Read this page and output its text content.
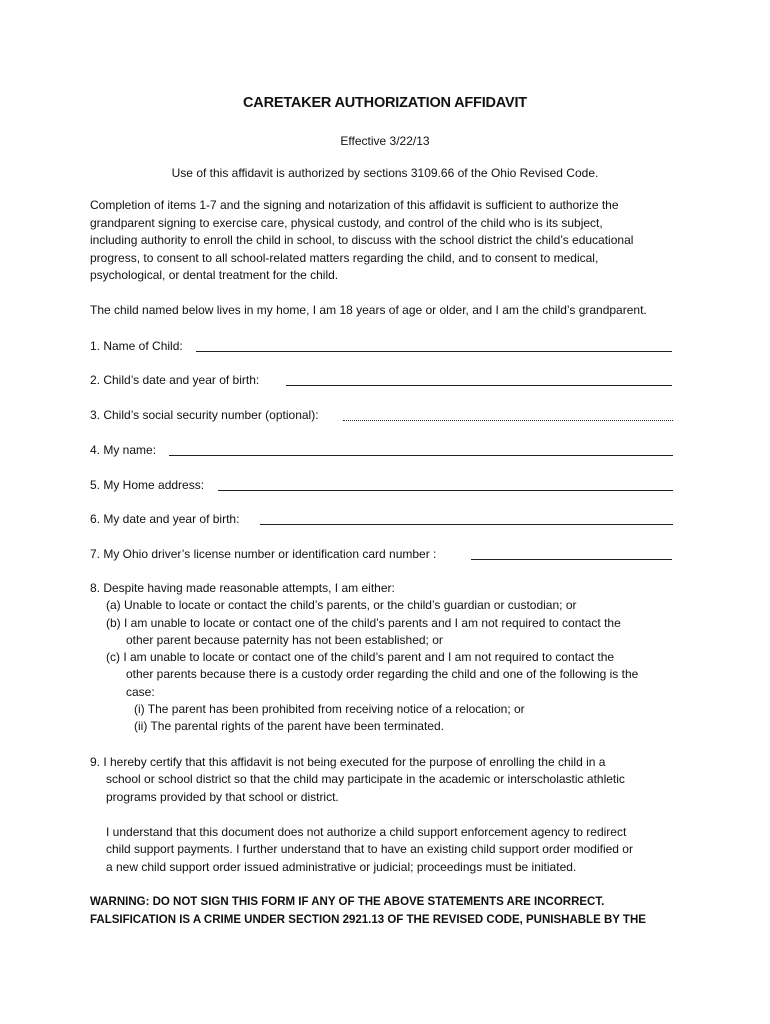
CARETAKER AUTHORIZATION AFFIDAVIT
Effective 3/22/13
Use of this affidavit is authorized by sections 3109.66 of the Ohio Revised Code.

Completion of items 1-7 and the signing and notarization of this affidavit is sufficient to authorize the

grandparent signing to exercise care, physical custody, and control of the child who is its subject,

including authority to enroll the child in school, to discuss with the school district the child’s educational

progress, to consent to all school-related matters regarding the child, and to consent to medical,

psychological, or dental treatment for the child.

The child named below lives in my home, I am 18 years of age or older, and I am the child’s grandparent.

1. Name of Child:
2. Child’s date and year of birth:
3. Child’s social security number (optional):
4. My name:
5. My Home address:
6. My date and year of birth:
7. My Ohio driver’s license number or identification card number :

8. Despite having made reasonable attempts, I am either:

(a) Unable to locate or contact the child’s parents, or the child’s guardian or custodian; or

(b) I am unable to locate or contact one of the child’s parents and I am not required to contact the

other parent because paternity has not been established; or

(c) I am unable to locate or contact one of the child’s parent and I am not required to contact the

other parents because there is a custody order regarding the child and one of the following is the

case:

(i) The parent has been prohibited from receiving notice of a relocation; or

(ii) The parental rights of the parent have been terminated.

9. I hereby certify that this affidavit is not being executed for the purpose of enrolling the child in a

school or school district so that the child may participate in the academic or interscholastic athletic

programs provided by that school or district.

I understand that this document does not authorize a child support enforcement agency to redirect

child support payments. I further understand that to have an existing child support order modified or

a new child support order issued administrative or judicial; proceedings must be initiated.

WARNING: DO NOT SIGN THIS FORM IF ANY OF THE ABOVE STATEMENTS ARE INCORRECT.

FALSIFICATION IS A CRIME UNDER SECTION 2921.13 OF THE REVISED CODE, PUNISHABLE BY THE
